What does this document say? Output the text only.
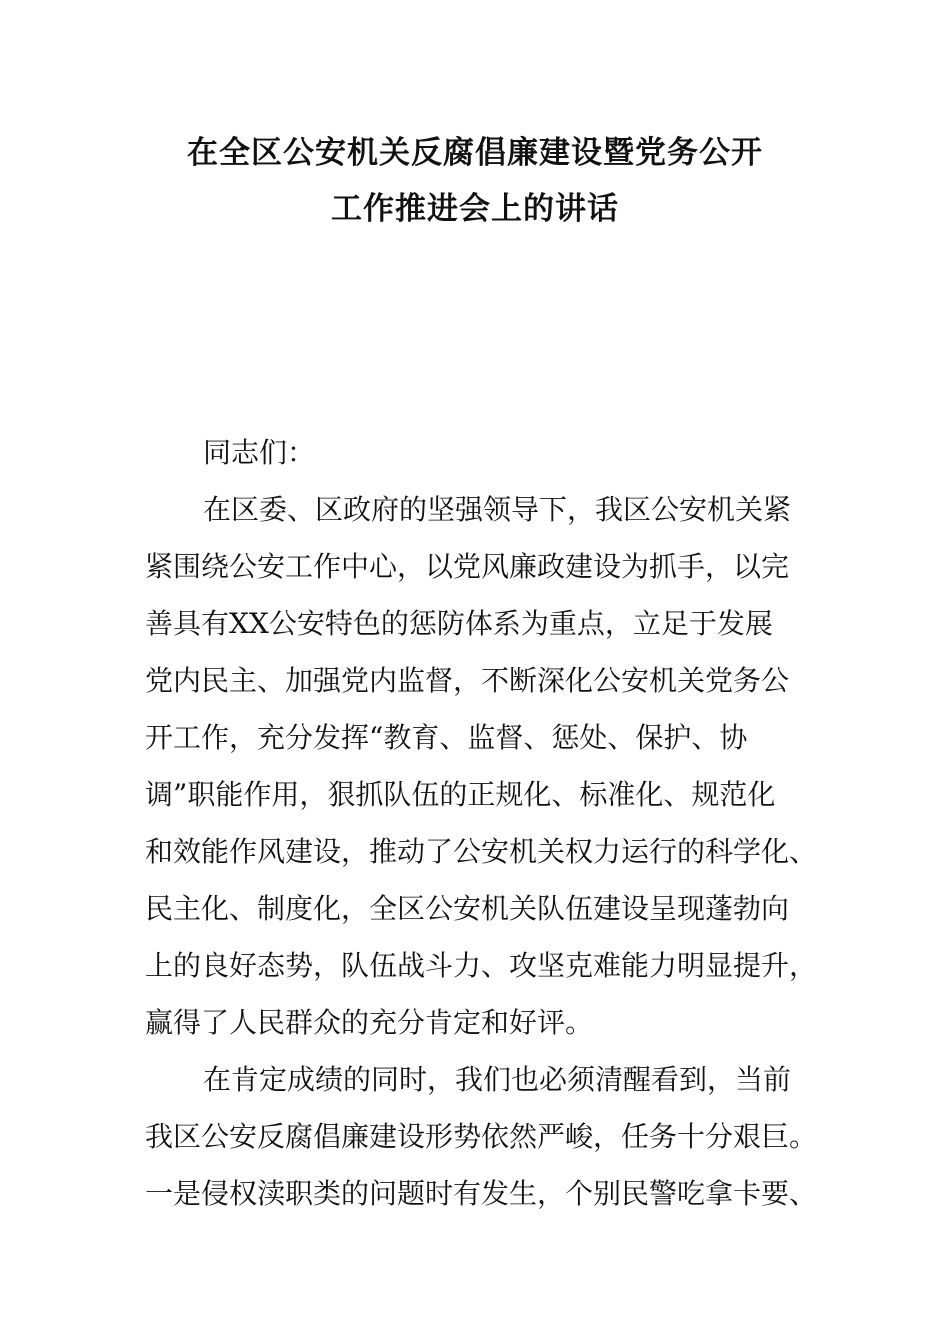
在全区公安机关反腐倡廉建设暨党务公开
工作推进会上的讲话
同志们：
在区委、区政府的坚强领导下，我区公安机关紧
紧围绕公安工作中心，以党风廉政建设为抓手，以完
善具有XX公安特色的惩防体系为重点，立足于发展
党内民主、加强党内监督，不断深化公安机关党务公
开工作，充分发挥“教育、监督、惩处、保护、协
调”职能作用，狠抓队伍的正规化、标准化、规范化
和效能作风建设，推动了公安机关权力运行的科学化、
民主化、制度化，全区公安机关队伍建设呈现蓬勃向
上的良好态势，队伍战斗力、攻坚克难能力明显提升，
赢得了人民群众的充分肯定和好评。
在肯定成绩的同时，我们也必须清醒看到，当前
我区公安反腐倡廉建设形势依然严峻，任务十分艰巨。
一是侵权渎职类的问题时有发生，个别民警吃拿卡要、
